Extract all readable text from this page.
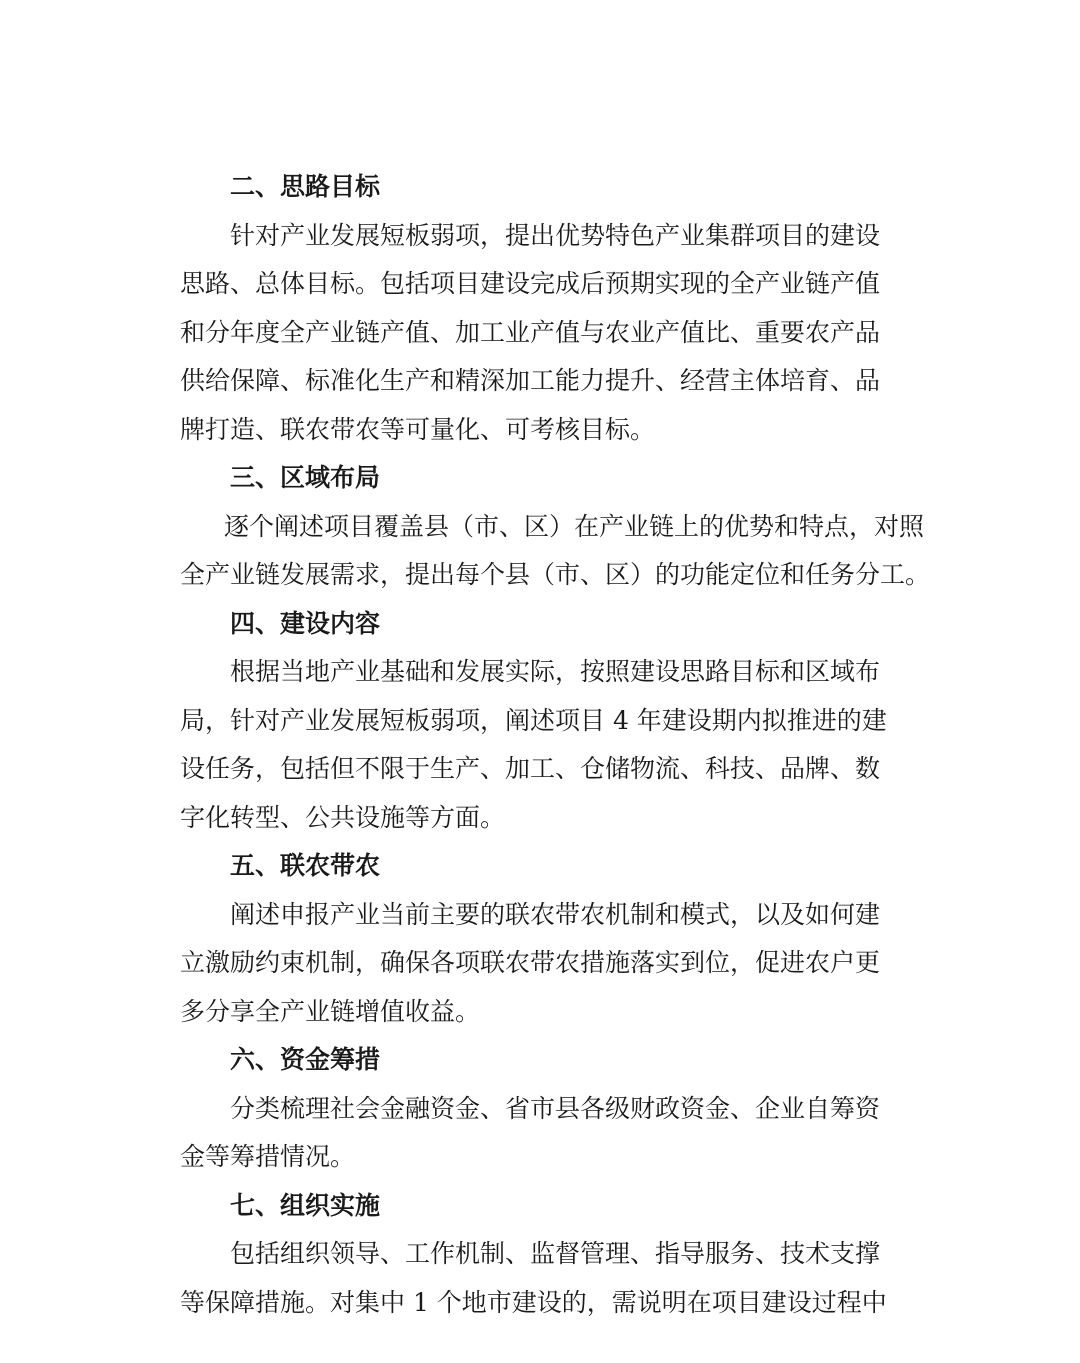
二、思路目标
针对产业发展短板弱项，提出优势特色产业集群项目的建设
思路、总体目标。包括项目建设完成后预期实现的全产业链产值
和分年度全产业链产值、加工业产值与农业产值比、重要农产品
供给保障、标准化生产和精深加工能力提升、经营主体培育、品
牌打造、联农带农等可量化、可考核目标。
三、区域布局
逐个阐述项目覆盖县（市、区）在产业链上的优势和特点，对照
全产业链发展需求，提出每个县（市、区）的功能定位和任务分工。
四、建设内容
根据当地产业基础和发展实际，按照建设思路目标和区域布
局，针对产业发展短板弱项，阐述项目 4 年建设期内拟推进的建
设任务，包括但不限于生产、加工、仓储物流、科技、品牌、数
字化转型、公共设施等方面。
五、联农带农
阐述申报产业当前主要的联农带农机制和模式，以及如何建
立激励约束机制，确保各项联农带农措施落实到位，促进农户更
多分享全产业链增值收益。
六、资金筹措
分类梳理社会金融资金、省市县各级财政资金、企业自筹资
金等筹措情况。
七、组织实施
包括组织领导、工作机制、监督管理、指导服务、技术支撑
等保障措施。对集中 1 个地市建设的，需说明在项目建设过程中
